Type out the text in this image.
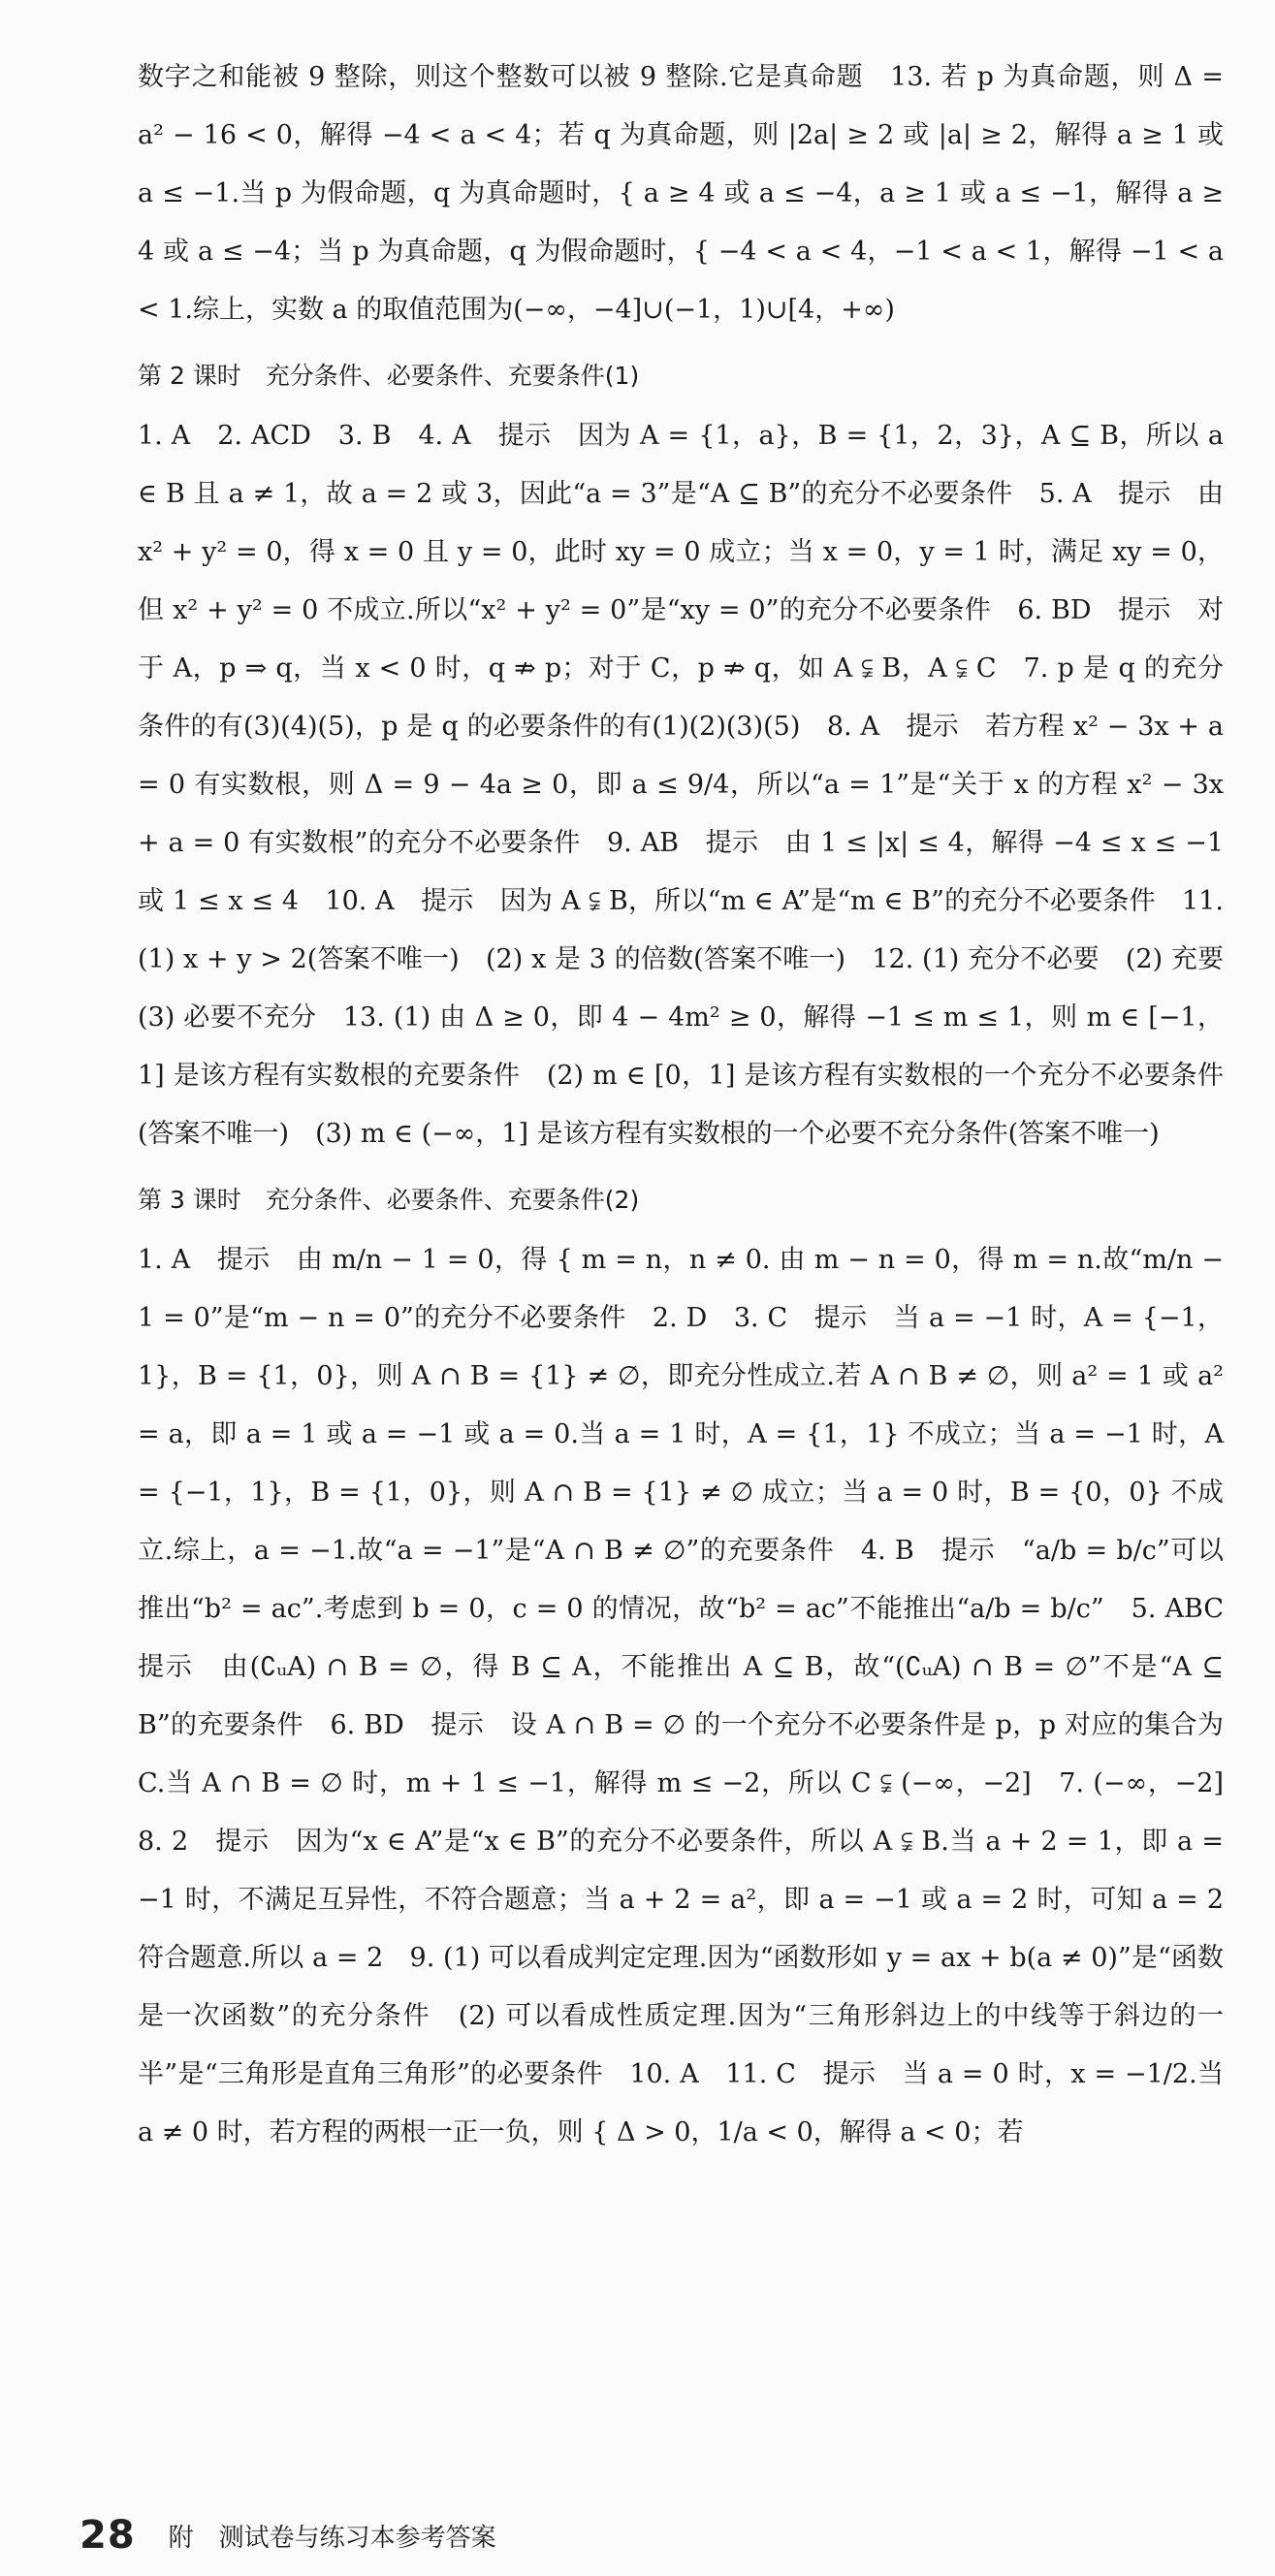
数字之和能被 9 整除，则这个整数可以被 9 整除.它是真命题　13. 若 p 为真命题，则 Δ = a² − 16 < 0，解得 −4 < a < 4；若 q 为真命题，则 |2a| ≥ 2 或 |a| ≥ 2，解得 a ≥ 1 或 a ≤ −1.当 p 为假命题，q 为真命题时，{ a ≥ 4 或 a ≤ −4，a ≥ 1 或 a ≤ −1，解得 a ≥ 4 或 a ≤ −4；当 p 为真命题，q 为假命题时，{ −4 < a < 4，−1 < a < 1，解得 −1 < a < 1.综上，实数 a 的取值范围为(−∞，−4]∪(−1，1)∪[4，+∞)

第 2 课时　充分条件、必要条件、充要条件(1)

1. A　2. ACD　3. B　4. A　提示　因为 A = {1，a}，B = {1，2，3}，A ⊆ B，所以 a ∈ B 且 a ≠ 1，故 a = 2 或 3，因此“a = 3”是“A ⊆ B”的充分不必要条件　5. A　提示　由 x² + y² = 0，得 x = 0 且 y = 0，此时 xy = 0 成立；当 x = 0，y = 1 时，满足 xy = 0，但 x² + y² = 0 不成立.所以“x² + y² = 0”是“xy = 0”的充分不必要条件　6. BD　提示　对于 A，p ⇒ q，当 x < 0 时，q ⇏ p；对于 C，p ⇏ q，如 A ⫋ B，A ⫋ C　7. p 是 q 的充分条件的有(3)(4)(5)，p 是 q 的必要条件的有(1)(2)(3)(5)　8. A　提示　若方程 x² − 3x + a = 0 有实数根，则 Δ = 9 − 4a ≥ 0，即 a ≤ 9/4，所以“a = 1”是“关于 x 的方程 x² − 3x + a = 0 有实数根”的充分不必要条件　9. AB　提示　由 1 ≤ |x| ≤ 4，解得 −4 ≤ x ≤ −1 或 1 ≤ x ≤ 4　10. A　提示　因为 A ⫋ B，所以“m ∈ A”是“m ∈ B”的充分不必要条件　11. (1) x + y > 2(答案不唯一)　(2) x 是 3 的倍数(答案不唯一)　12. (1) 充分不必要　(2) 充要　(3) 必要不充分　13. (1) 由 Δ ≥ 0，即 4 − 4m² ≥ 0，解得 −1 ≤ m ≤ 1，则 m ∈ [−1，1] 是该方程有实数根的充要条件　(2) m ∈ [0，1] 是该方程有实数根的一个充分不必要条件(答案不唯一)　(3) m ∈ (−∞，1] 是该方程有实数根的一个必要不充分条件(答案不唯一)

第 3 课时　充分条件、必要条件、充要条件(2)

1. A　提示　由 m/n − 1 = 0，得 { m = n，n ≠ 0. 由 m − n = 0，得 m = n.故“m/n − 1 = 0”是“m − n = 0”的充分不必要条件　2. D　3. C　提示　当 a = −1 时，A = {−1，1}，B = {1，0}，则 A ∩ B = {1} ≠ ∅，即充分性成立.若 A ∩ B ≠ ∅，则 a² = 1 或 a² = a，即 a = 1 或 a = −1 或 a = 0.当 a = 1 时，A = {1，1} 不成立；当 a = −1 时，A = {−1，1}，B = {1，0}，则 A ∩ B = {1} ≠ ∅ 成立；当 a = 0 时，B = {0，0} 不成立.综上，a = −1.故“a = −1”是“A ∩ B ≠ ∅”的充要条件　4. B　提示　“a/b = b/c”可以推出“b² = ac”.考虑到 b = 0，c = 0 的情况，故“b² = ac”不能推出“a/b = b/c”　5. ABC　提示　由(∁ᵤA) ∩ B = ∅，得 B ⊆ A，不能推出 A ⊆ B，故“(∁ᵤA) ∩ B = ∅”不是“A ⊆ B”的充要条件　6. BD　提示　设 A ∩ B = ∅ 的一个充分不必要条件是 p，p 对应的集合为 C.当 A ∩ B = ∅ 时，m + 1 ≤ −1，解得 m ≤ −2，所以 C ⫋ (−∞，−2]　7. (−∞，−2]　8. 2　提示　因为“x ∈ A”是“x ∈ B”的充分不必要条件，所以 A ⫋ B.当 a + 2 = 1，即 a = −1 时，不满足互异性，不符合题意；当 a + 2 = a²，即 a = −1 或 a = 2 时，可知 a = 2 符合题意.所以 a = 2　9. (1) 可以看成判定定理.因为“函数形如 y = ax + b(a ≠ 0)”是“函数是一次函数”的充分条件　(2) 可以看成性质定理.因为“三角形斜边上的中线等于斜边的一半”是“三角形是直角三角形”的必要条件　10. A　11. C　提示　当 a = 0 时，x = −1/2.当 a ≠ 0 时，若方程的两根一正一负，则 { Δ > 0，1/a < 0，解得 a < 0；若

28 附　测试卷与练习本参考答案
